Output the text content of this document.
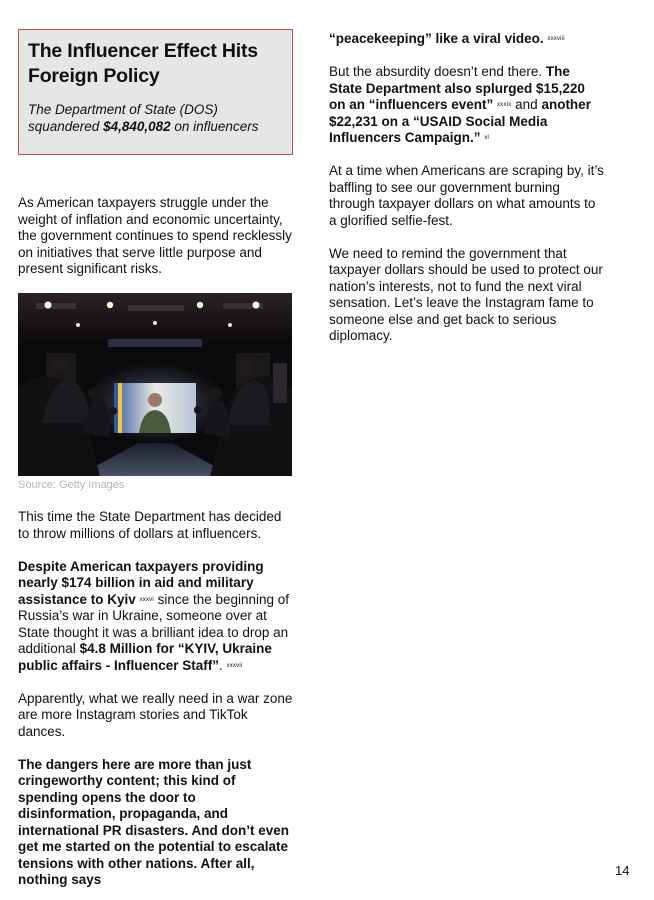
The Influencer Effect Hits Foreign Policy
The Department of State (DOS) squandered $4,840,082 on influencers

As American taxpayers struggle under the weight of inflation and economic uncertainty, the government continues to spend recklessly on initiatives that serve little purpose and present significant risks.

Source: Getty Images

This time the State Department has decided to throw millions of dollars at influencers.

Despite American taxpayers providing nearly $174 billion in aid and military assistance to Kyiv $^{xxxvi}$ since the beginning of Russia’s war in Ukraine, someone over at State thought it was a brilliant idea to drop an additional $4.8 Million for “KYIV, Ukraine public affairs - Influencer Staff”. $^{xxxvii}$

Apparently, what we really need in a war zone are more Instagram stories and TikTok dances.

The dangers here are more than just cringeworthy content; this kind of spending opens the door to disinformation, propaganda, and international PR disasters. And don’t even get me started on the potential to escalate tensions with other nations. After all, nothing says

“peacekeeping” like a viral video. $^{xxxviii}$

But the absurdity doesn’t end there. The State Department also splurged $15,220 on an “influencers event” $^{xxxix}$ and another $22,231 on a “USAID Social Media Influencers Campaign.” $^{xl}$

At a time when Americans are scraping by, it’s baffling to see our government burning through taxpayer dollars on what amounts to a glorified selfie-fest.

We need to remind the government that taxpayer dollars should be used to protect our nation’s interests, not to fund the next viral sensation. Let’s leave the Instagram fame to someone else and get back to serious diplomacy.

14
